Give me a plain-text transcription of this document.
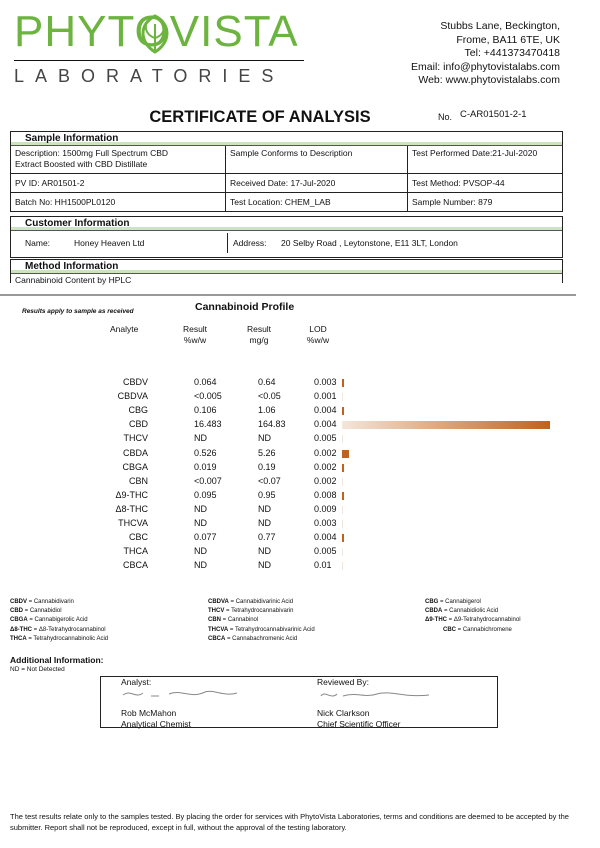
PHYTOVISTA
LABORATORIES
Stubbs Lane, Beckington,
Frome, BA11 6TE, UK
Tel: +441373470418
Email: info@phytovistalabs.com
Web: www.phytovistalabs.com
CERTIFICATE OF ANALYSIS	No. C-AR01501-2-1
Sample Information
Description: 1500mg Full Spectrum CBD
Extract Boosted with CBD Distillate
Sample Conforms to Description	Test Performed Date:21-Jul-2020
PV ID: AR01501-2	Received Date: 17-Jul-2020	Test Method: PVSOP-44
Batch No: HH1500PL0120	Test Location: CHEM_LAB	Sample Number: 879
Customer Information
Name:	Honey Heaven Ltd	Address: 20 Selby Road , Leytonstone, E11 3LT, London
Method Information
Cannabinoid Content by HPLC
Cannabinoid Profile
Results apply to sample as received
Analyte	Result
%w/w
Result
mg/g
LOD
%w/w
CBDV	0.064	0.64	0.003
CBDVA	<0.005	<0.05	0.001
CBG	0.106	1.06	0.004
CBD	16.483	164.83	0.004
THCV	ND	ND	0.005
CBDA	0.526	5.26	0.002
CBGA	0.019	0.19	0.002
CBN	<0.007	<0.07	0.002
Δ9-THC	0.095	0.95	0.008
Δ8-THC	ND	ND	0.009
THCVA	ND	ND	0.003
CBC	0.077	0.77	0.004
THCA	ND	ND	0.005
CBCA	ND	ND	0.01
CBDV = Cannabidivarin	CBDVA = Cannabidivarinic Acid	CBG = Cannabigerol
CBD = Cannabidiol	THCV = Tetrahydrocannabivarin	CBDA = Cannabidiolic Acid
CBGA = Cannabigerolic Acid	CBN = Cannabinol	Δ9-THC = Δ9-Tetrahydrocannabinol
Δ8-THC = Δ8-Tetrahydrocannabinol	THCVA = Tetrahydrocannabivarinic Acid	CBC = Cannabichromene
THCA = Tetrahydrocannabinolic Acid	CBCA = Cannabachromenic Acid
Additional Information:
ND = Not Detected
Analyst:
Rob McMahon
Analytical Chemist
Reviewed By:
Nick Clarkson
Chief Scientific Officer
The test results relate only to the samples tested. By placing the order for services with PhytoVista Laboratories, terms and conditions are deemed to be accepted by the submitter. Report shall not be reproduced, except in full, without the approval of the testing laboratory.
